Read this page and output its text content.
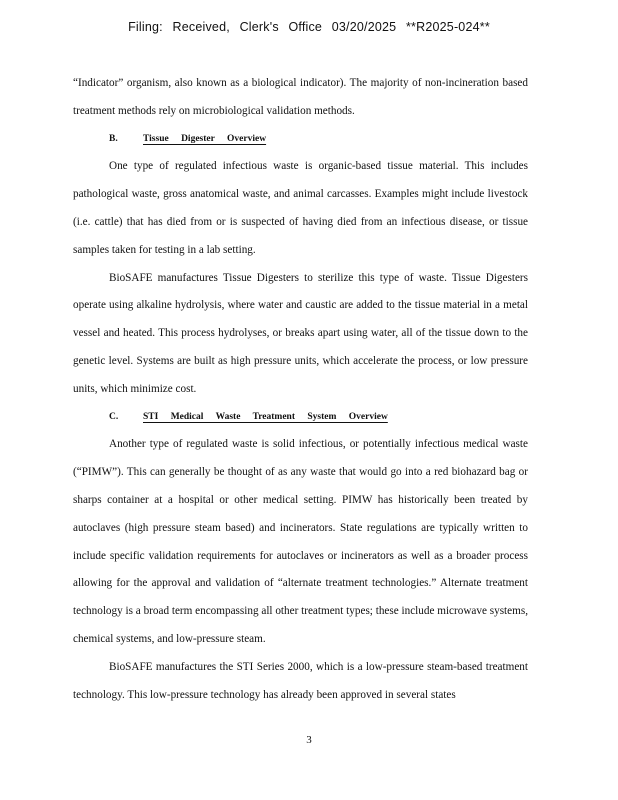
Filing: Received, Clerk's Office 03/20/2025 **R2025-024**

“Indicator” organism, also known as a biological indicator). The majority of non-incineration based treatment methods rely on microbiological validation methods.

B.	Tissue Digester Overview

One type of regulated infectious waste is organic-based tissue material. This includes pathological waste, gross anatomical waste, and animal carcasses. Examples might include livestock (i.e. cattle) that has died from or is suspected of having died from an infectious disease, or tissue samples taken for testing in a lab setting.

BioSAFE manufactures Tissue Digesters to sterilize this type of waste. Tissue Digesters operate using alkaline hydrolysis, where water and caustic are added to the tissue material in a metal vessel and heated. This process hydrolyses, or breaks apart using water, all of the tissue down to the genetic level. Systems are built as high pressure units, which accelerate the process, or low pressure units, which minimize cost.

C.	STI Medical Waste Treatment System Overview

Another type of regulated waste is solid infectious, or potentially infectious medical waste (“PIMW”). This can generally be thought of as any waste that would go into a red biohazard bag or sharps container at a hospital or other medical setting. PIMW has historically been treated by autoclaves (high pressure steam based) and incinerators. State regulations are typically written to include specific validation requirements for autoclaves or incinerators as well as a broader process allowing for the approval and validation of “alternate treatment technologies.” Alternate treatment technology is a broad term encompassing all other treatment types; these include microwave systems, chemical systems, and low-pressure steam.

BioSAFE manufactures the STI Series 2000, which is a low-pressure steam-based treatment technology. This low-pressure technology has already been approved in several states

3
